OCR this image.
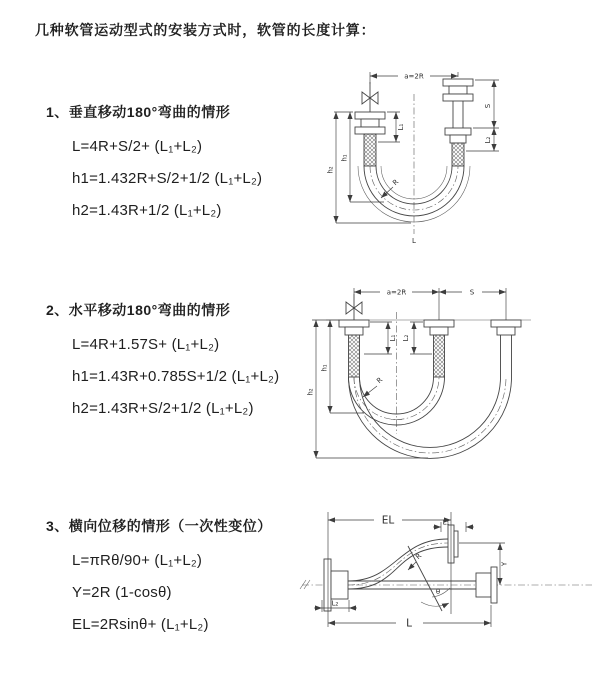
几种软管运动型式的安装方式时，软管的长度计算：
1、垂直移动180°弯曲的情形

L=4R+S/2+ (L₁+L₂)

h1=1.432R+S/2+1/2 (L₁+L₂)

h2=1.43R+1/2 (L₁+L₂)

2、水平移动180°弯曲的情形

L=4R+1.57S+ (L₁+L₂)

h1=1.43R+0.785S+1/2 (L₁+L₂)

h2=1.43R+S/2+1/2 (L₁+L₂)

3、横向位移的情形（一次性变位）

L=πRθ/90+ (L₁+L₂)

Y=2R (1-cosθ)

EL=2Rsinθ+ (L₁+L₂)

a=2R
L₁
S
L₂
h₁
h₂
R
L
a=2R	S
L₁ L₂
h₁
h₂
R
EL	L₁
Y
θ
R
L
L₂
